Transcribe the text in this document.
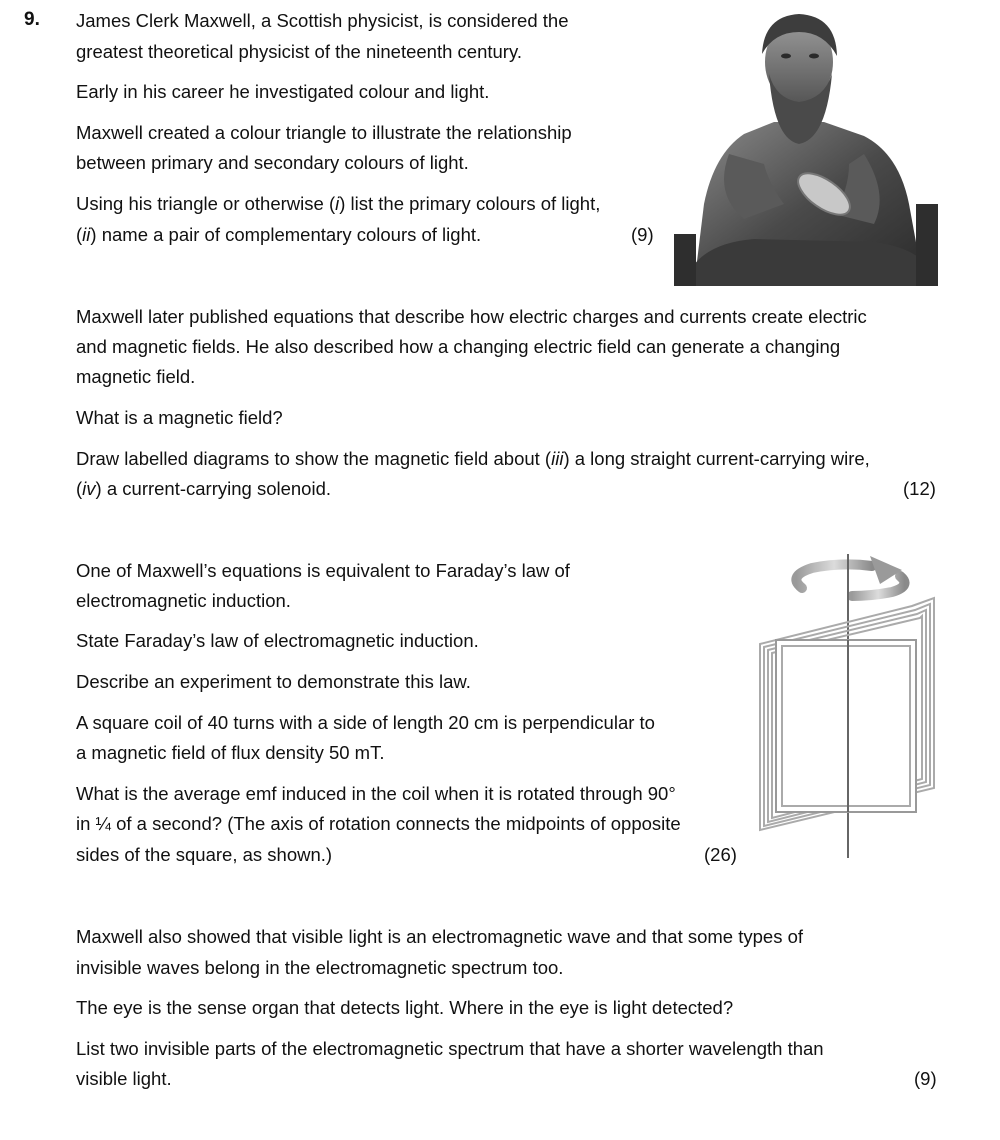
9. James Clerk Maxwell, a Scottish physicist, is considered the

greatest theoretical physicist of the nineteenth century.

Early in his career he investigated colour and light.

Maxwell created a colour triangle to illustrate the relationship

between primary and secondary colours of light.

Using his triangle or otherwise (i) list the primary colours of light,

(ii) name a pair of complementary colours of light.	(9)

Maxwell later published equations that describe how electric charges and currents create electric

and magnetic fields. He also described how a changing electric field can generate a changing

magnetic field.

What is a magnetic field?

Draw labelled diagrams to show the magnetic field about (iii) a long straight current-carrying wire,

(iv) a current-carrying solenoid.	(12)

One of Maxwell’s equations is equivalent to Faraday’s law of

electromagnetic induction.

State Faraday’s law of electromagnetic induction.

Describe an experiment to demonstrate this law.

A square coil of 40 turns with a side of length 20 cm is perpendicular to

a magnetic field of flux density 50 mT.

What is the average emf induced in the coil when it is rotated through 90°

in ¼ of a second? (The axis of rotation connects the midpoints of opposite

sides of the square, as shown.)	(26)

Maxwell also showed that visible light is an electromagnetic wave and that some types of

invisible waves belong in the electromagnetic spectrum too.

The eye is the sense organ that detects light. Where in the eye is light detected?

List two invisible parts of the electromagnetic spectrum that have a shorter wavelength than

visible light.	(9)
